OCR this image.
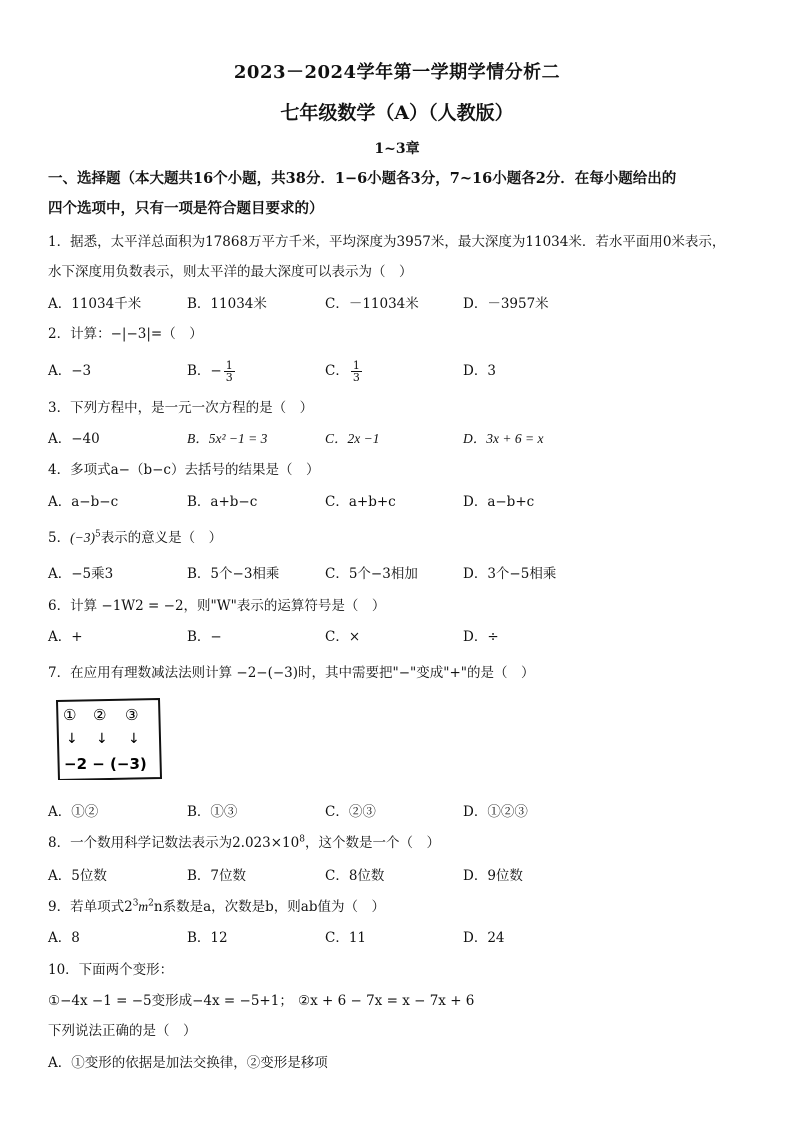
2023－2024学年第一学期学情分析二
七年级数学（A）（人教版）
1~3章
一、选择题（本大题共16个小题，共38分．1−6小题各3分，7~16小题各2分．在每小题给出的
四个选项中，只有一项是符合题目要求的）
1．据悉，太平洋总面积为17868万平方千米，平均深度为3957米，最大深度为11034米．若水平面用0米表示，
水下深度用负数表示，则太平洋的最大深度可以表示为（　）
A．11034千米	B．11034米	C．－11034米	D．－3957米
2．计算：−|−3|=（　）
A．−3	B．− $\frac{1}{3}$	C． $\frac{1}{3}$	D．3
3．下列方程中，是一元一次方程的是（　）
A．−40	B．5x² −1 = 3	C．2x −1	D．3x + 6 = x
4．多项式a−（b−c）去括号的结果是（　）
A．a−b−c	B．a+b−c	C．a+b+c	D．a−b+c
5．$(-3)^5$表示的意义是（　）
A．−5乘3	B．5个−3相乘	C．5个−3相加	D．3个−5相乘
6．计算 −1W2 = −2，则"W"表示的运算符号是（　）
A．+	B．−	C．×	D．÷
7．在应用有理数减法法则计算 −2−(−3)时，其中需要把"−"变成"+"的是（　）
① ② ③
↓ ↓ ↓
−2 − (−3)
A．①②	B．①③	C．②③	D．①②③
8．一个数用科学记数法表示为$2.023\times 10^8$，这个数是一个（　）
A．5位数	B．7位数	C．8位数	D．9位数
9．若单项式$2^3m^2n$系数是a，次数是b，则ab值为（　）
A．8	B．12	C．11	D．24
10．下面两个变形：
①−4x −1 = −5变形成−4x = −5+1； ②x + 6 − 7x = x − 7x + 6
下列说法正确的是（　）
A．①变形的依据是加法交换律，②变形是移项
